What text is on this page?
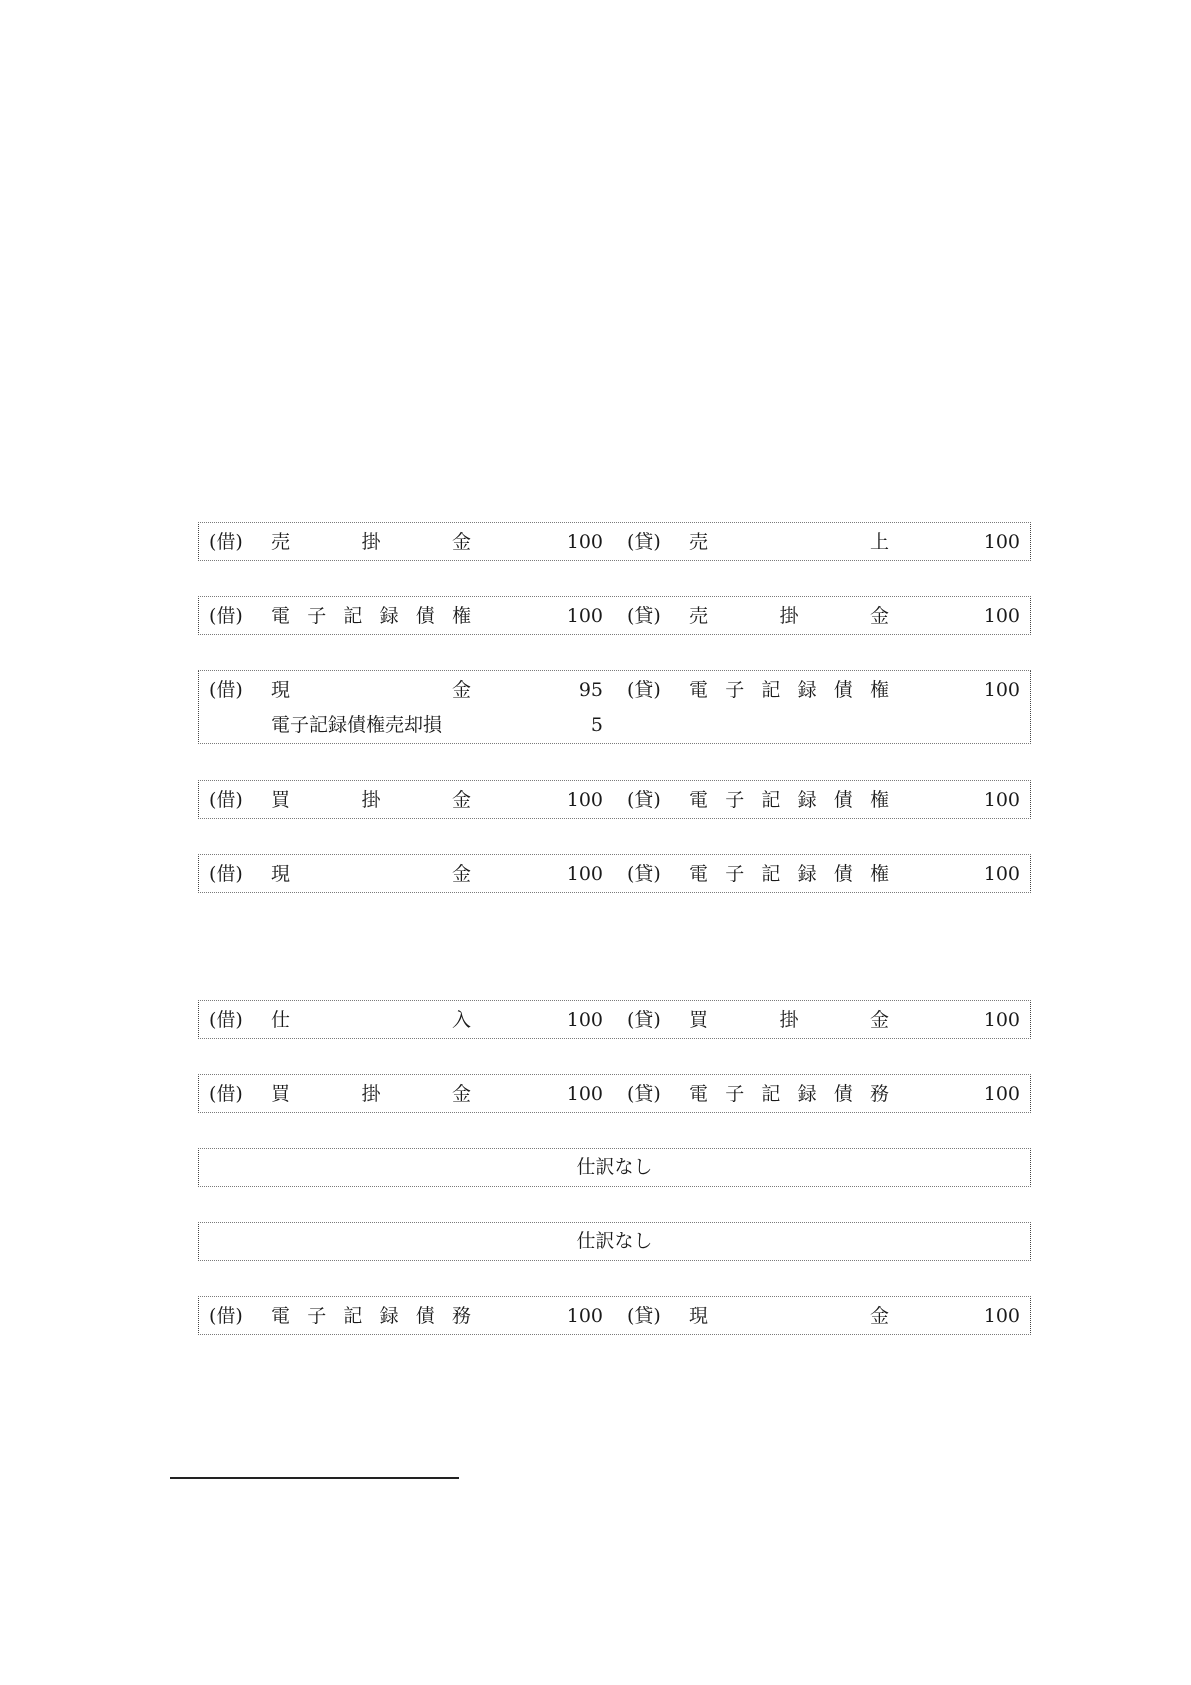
(借) 売	掛	金	100 (貸) 売	上	100
(借) 電 子 記 録 債 権	100 (貸) 売	掛	金	100
(借) 現	金	95 (貸) 電 子 記 録 債 権	100
電子記録債権売却損	5
(借) 買	掛	金	100 (貸) 電 子 記 録 債 権	100
(借) 現	金	100 (貸) 電 子 記 録 債 権	100
(借) 仕	入	100 (貸) 買	掛	金	100
(借) 買	掛	金	100 (貸) 電 子 記 録 債 務	100
仕訳なし
仕訳なし
(借) 電 子 記 録 債 務	100 (貸) 現	金	100
